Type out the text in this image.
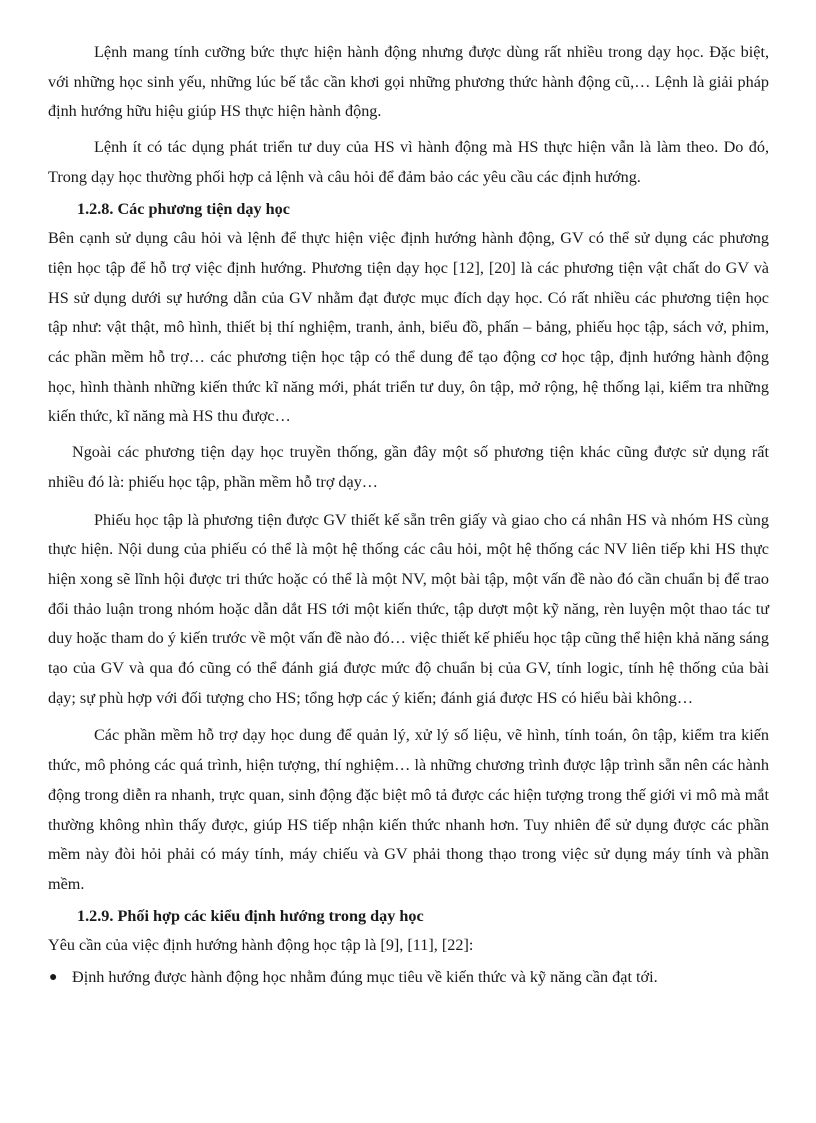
Lệnh mang tính cưỡng bức thực hiện hành động nhưng được dùng rất nhiều trong dạy học. Đặc biệt, với những học sinh yếu, những lúc bế tắc cần khơi gọi những phương thức hành động cũ,… Lệnh là giải pháp định hướng hữu hiệu giúp HS thực hiện hành động.

Lệnh ít có tác dụng phát triển tư duy của HS vì hành động mà HS thực hiện vẫn là làm theo. Do đó, Trong dạy học thường phối hợp cả lệnh và câu hỏi để đảm bảo các yêu cầu các định hướng.

1.2.8. Các phương tiện dạy học

Bên cạnh sử dụng câu hỏi và lệnh để thực hiện việc định hướng hành động, GV có thể sử dụng các phương tiện học tập để hỗ trợ việc định hướng. Phương tiện dạy học [12], [20] là các phương tiện vật chất do GV và HS sử dụng dưới sự hướng dẫn của GV nhằm đạt được mục đích dạy học. Có rất nhiều các phương tiện học tập như: vật thật, mô hình, thiết bị thí nghiệm, tranh, ảnh, biểu đồ, phấn – bảng, phiếu học tập, sách vở, phim, các phần mềm hỗ trợ… các phương tiện học tập có thể dung để tạo động cơ học tập, định hướng hành động học, hình thành những kiến thức kĩ năng mới, phát triển tư duy, ôn tập, mở rộng, hệ thống lại, kiểm tra những kiến thức, kĩ năng mà HS thu được…

Ngoài các phương tiện dạy học truyền thống, gần đây một số phương tiện khác cũng được sử dụng rất nhiều đó là: phiếu học tập, phần mềm hỗ trợ dạy…

Phiếu học tập là phương tiện được GV thiết kế sẵn trên giấy và giao cho cá nhân HS và nhóm HS cùng thực hiện. Nội dung của phiếu có thể là một hệ thống các câu hỏi, một hệ thống các NV liên tiếp khi HS thực hiện xong sẽ lĩnh hội được tri thức hoặc có thể là một NV, một bài tập, một vấn đề nào đó cần chuẩn bị để trao đổi thảo luận trong nhóm hoặc dẫn dắt HS tới một kiến thức, tập dượt một kỹ năng, rèn luyện một thao tác tư duy hoặc tham do ý kiến trước về một vấn đề nào đó… việc thiết kế phiếu học tập cũng thể hiện khả năng sáng tạo của GV và qua đó cũng có thể đánh giá được mức độ chuẩn bị của GV, tính logic, tính hệ thống của bài dạy; sự phù hợp với đối tượng cho HS; tổng hợp các ý kiến; đánh giá được HS có hiểu bài không…

Các phần mềm hỗ trợ dạy học dung để quản lý, xử lý số liệu, vẽ hình, tính toán, ôn tập, kiểm tra kiến thức, mô phỏng các quá trình, hiện tượng, thí nghiệm… là những chương trình được lập trình sẵn nên các hành động trong diễn ra nhanh, trực quan, sinh động đặc biệt mô tả được các hiện tượng trong thế giới vi mô mà mắt thường không nhìn thấy được, giúp HS tiếp nhận kiến thức nhanh hơn. Tuy nhiên để sử dụng được các phần mềm này đòi hỏi phải có máy tính, máy chiếu và GV phải thong thạo trong việc sử dụng máy tính và phần mềm.

1.2.9. Phối hợp các kiểu định hướng trong dạy học

Yêu cần của việc định hướng hành động học tập là [9], [11], [22]:

● Định hướng được hành động học nhằm đúng mục tiêu về kiến thức và kỹ năng cần đạt tới.
